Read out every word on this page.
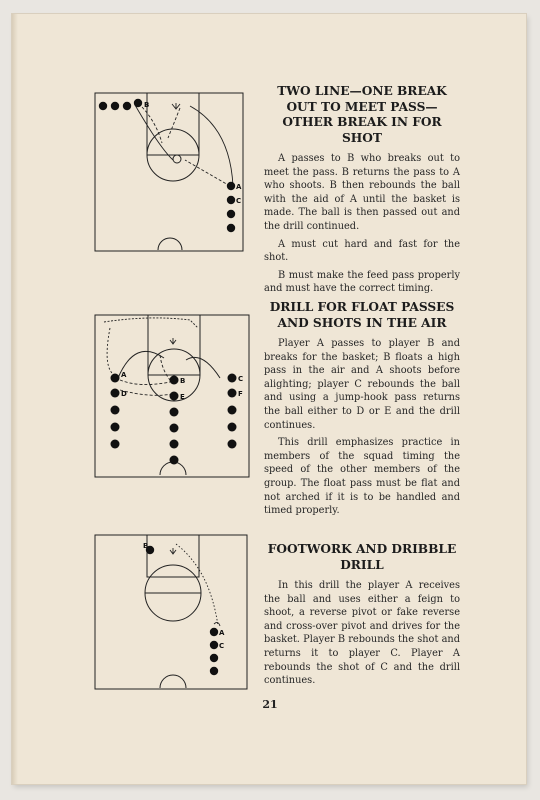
B
A
C
TWO LINE—ONE BREAK OUT TO MEET PASS—OTHER BREAK IN FOR SHOT

A passes to B who breaks out to meet the pass. B returns the pass to A who shoots. B then rebounds the ball with the aid of A until the basket is made. The ball is then passed out and the drill continued.

A must cut hard and fast for the shot.

B must make the feed pass properly and must have the correct timing.

A
D
B
E
C
F
DRILL FOR FLOAT PASSES AND SHOTS IN THE AIR

Player A passes to player B and breaks for the basket; B floats a high pass in the air and A shoots before alighting; player C rebounds the ball and using a jump-hook pass returns the ball either to D or E and the drill continues.

This drill emphasizes practice in members of the squad timing the speed of the other members of the group. The float pass must be flat and not arched if it is to be handled and timed properly.

B
A
C
FOOTWORK AND DRIBBLE DRILL

In this drill the player A receives the ball and uses either a feign to shoot, a reverse pivot or fake reverse and cross-over pivot and drives for the basket. Player B rebounds the shot and returns it to player C. Player A rebounds the shot of C and the drill continues.

21
